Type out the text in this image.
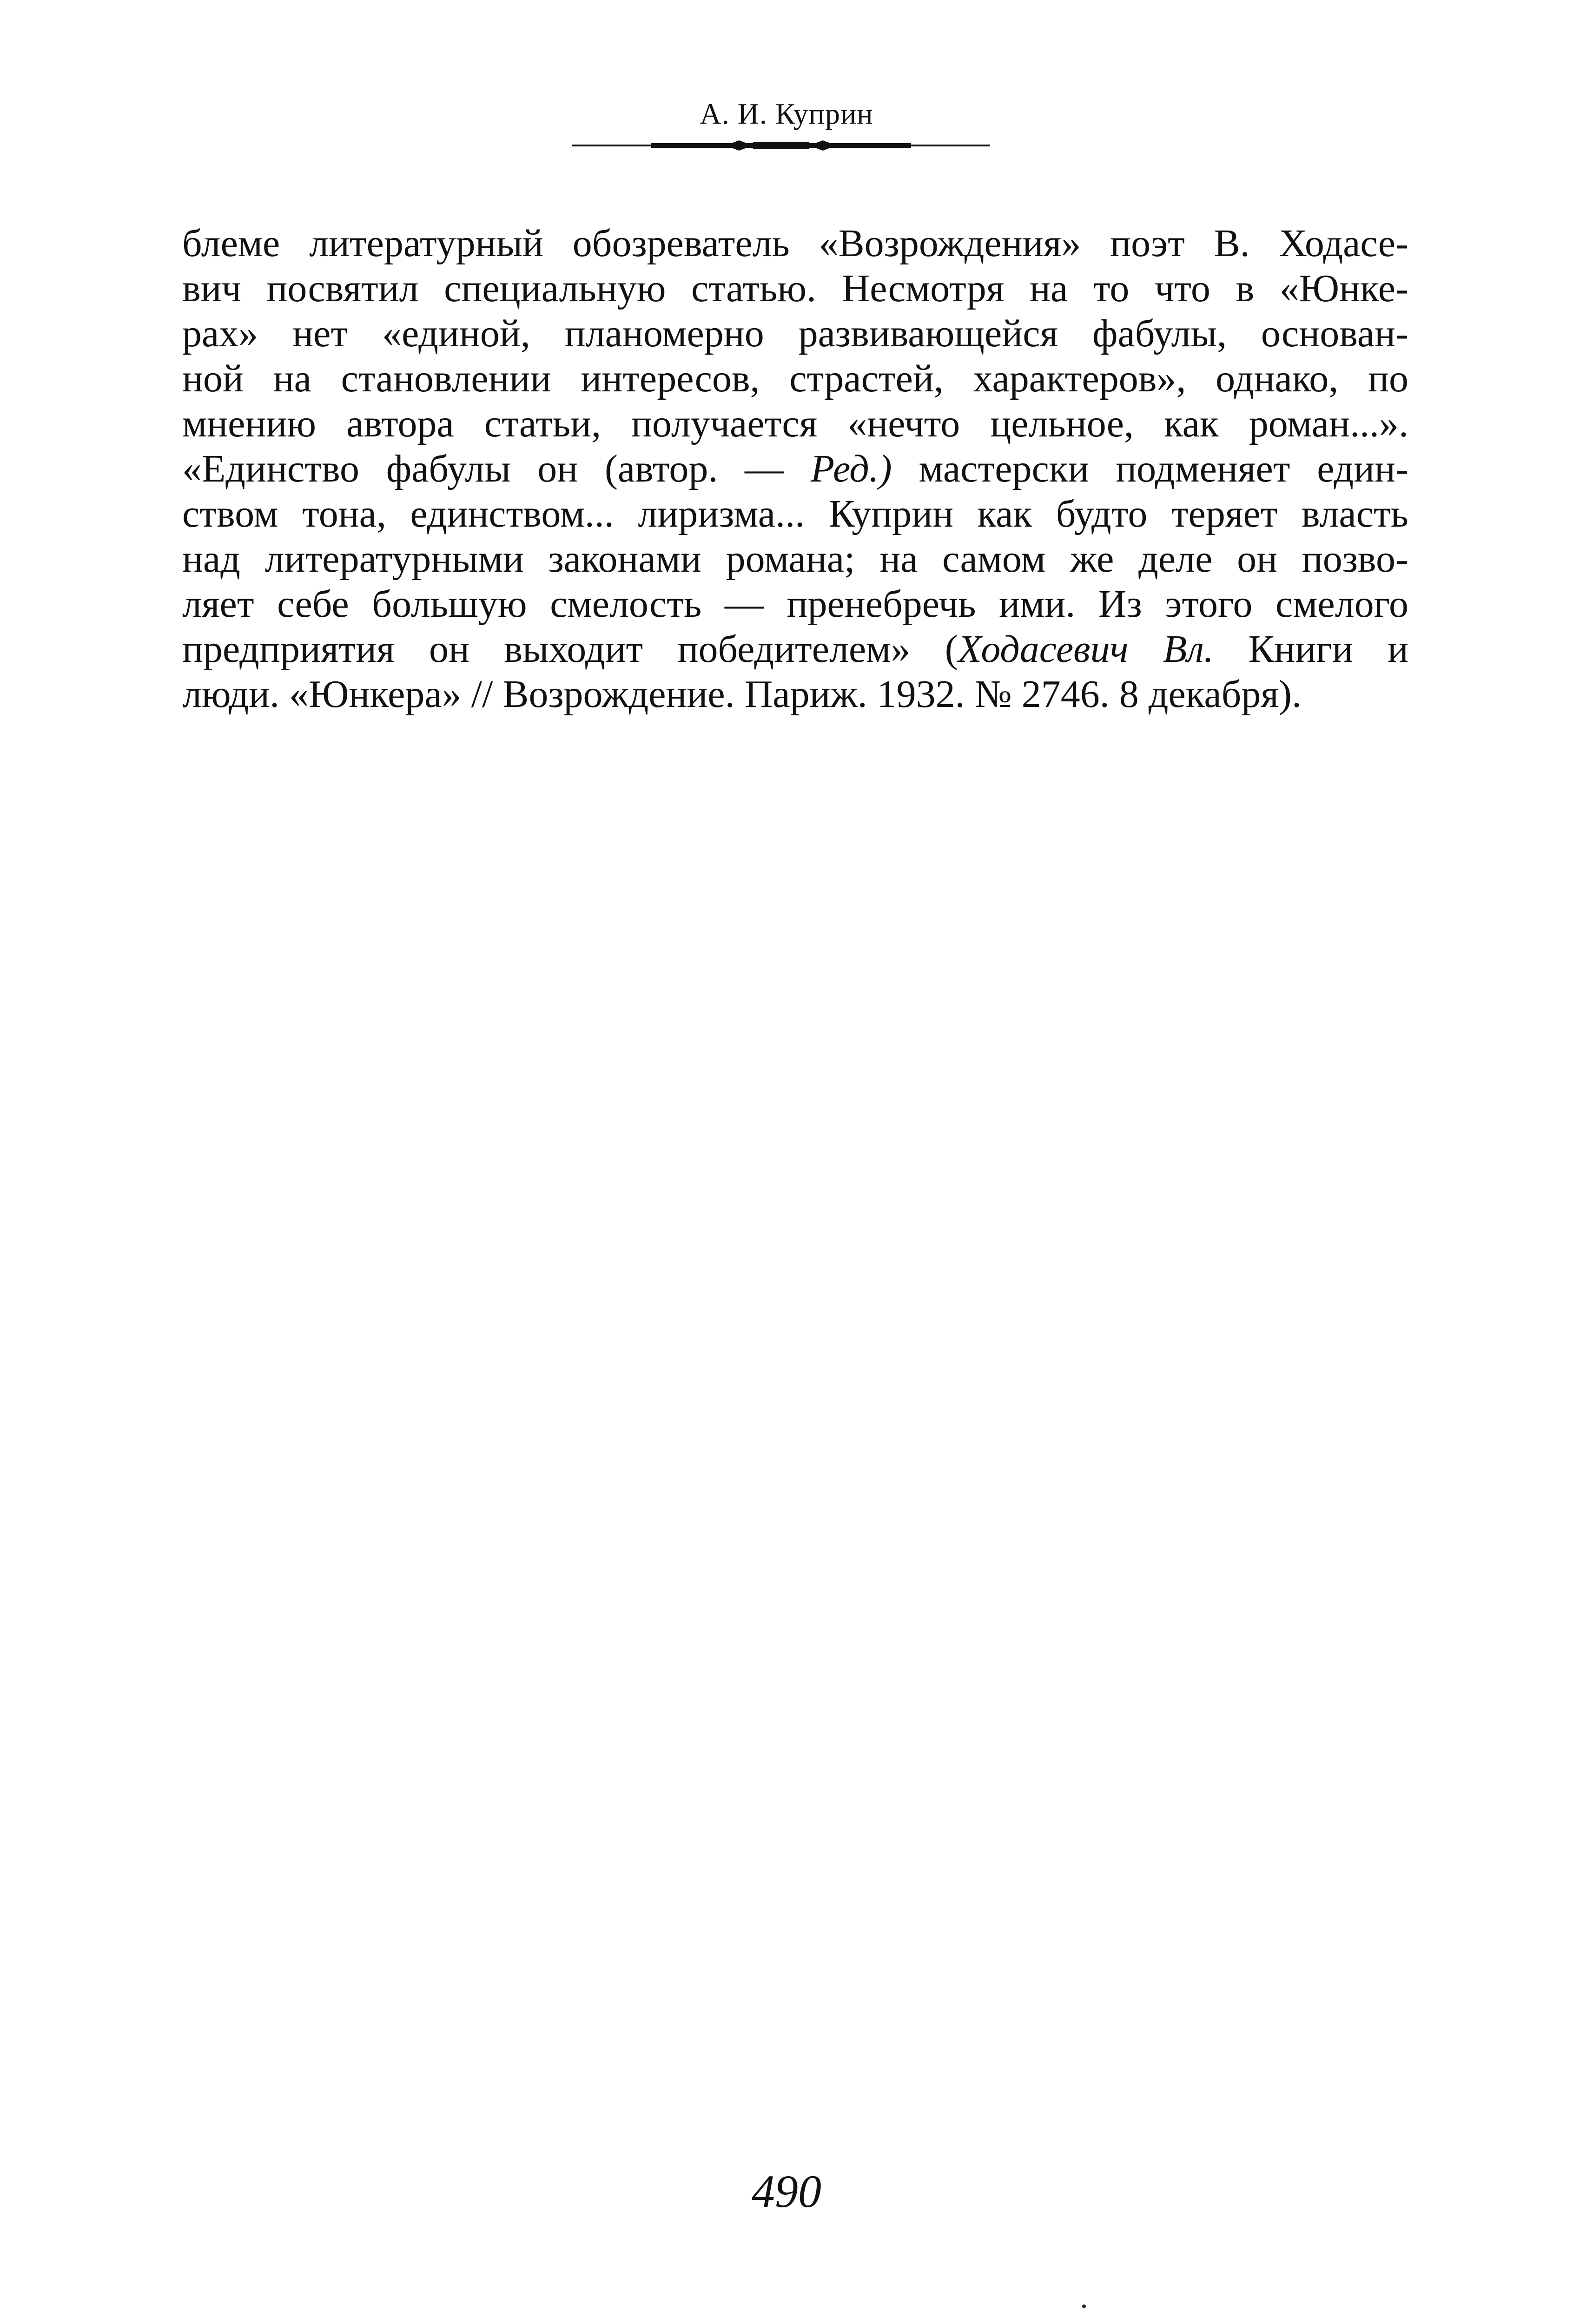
А. И. Куприн
блеме литературный обозреватель «Возрождения» поэт В. Ходасе-
вич посвятил специальную статью. Несмотря на то что в «Юнке-
рах» нет «единой, планомерно развивающейся фабулы, основан-
ной на становлении интересов, страстей, характеров», однако, по
мнению автора статьи, получается «нечто цельное, как роман...».
«Единство фабулы он (автор. — Ред.) мастерски подменяет един-
ством тона, единством... лиризма... Куприн как будто теряет власть
над литературными законами романа; на самом же деле он позво-
ляет себе большую смелость — пренебречь ими. Из этого смелого
предприятия он выходит победителем» (Ходасевич Вл. Книги и
люди. «Юнкера» // Возрождение. Париж. 1932. № 2746. 8 декабря).
490
